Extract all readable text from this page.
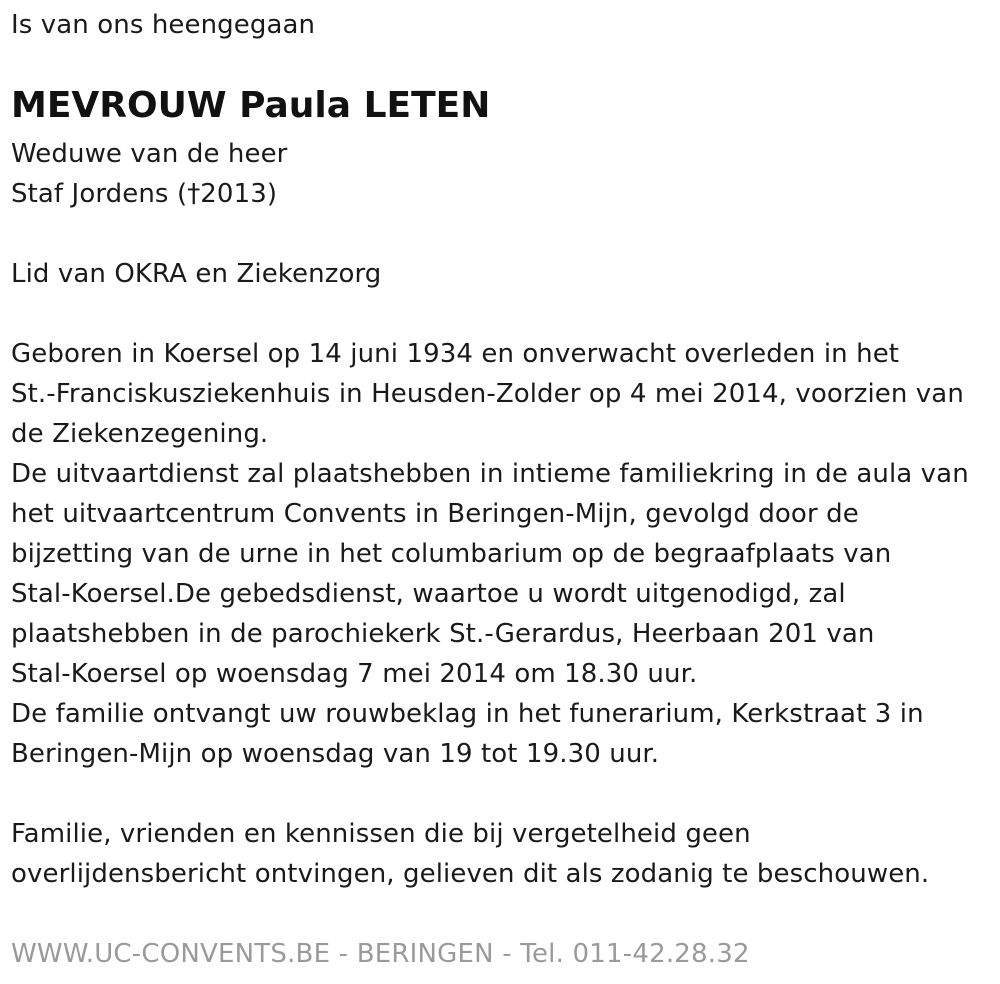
Is van ons heengegaan
MEVROUW Paula LETEN
Weduwe van de heer
Staf Jordens (†2013)
Lid van OKRA en Ziekenzorg
Geboren in Koersel op 14 juni 1934 en onverwacht overleden in het
St.-Franciskusziekenhuis in Heusden-Zolder op 4 mei 2014, voorzien van
de Ziekenzegening.
De uitvaartdienst zal plaatshebben in intieme familiekring in de aula van
het uitvaartcentrum Convents in Beringen-Mijn, gevolgd door de
bijzetting van de urne in het columbarium op de begraafplaats van
Stal-Koersel.De gebedsdienst, waartoe u wordt uitgenodigd, zal
plaatshebben in de parochiekerk St.-Gerardus, Heerbaan 201 van
Stal-Koersel op woensdag 7 mei 2014 om 18.30 uur.
De familie ontvangt uw rouwbeklag in het funerarium, Kerkstraat 3 in
Beringen-Mijn op woensdag van 19 tot 19.30 uur.
Familie, vrienden en kennissen die bij vergetelheid geen
overlijdensbericht ontvingen, gelieven dit als zodanig te beschouwen.
WWW.UC-CONVENTS.BE - BERINGEN - Tel. 011-42.28.32
